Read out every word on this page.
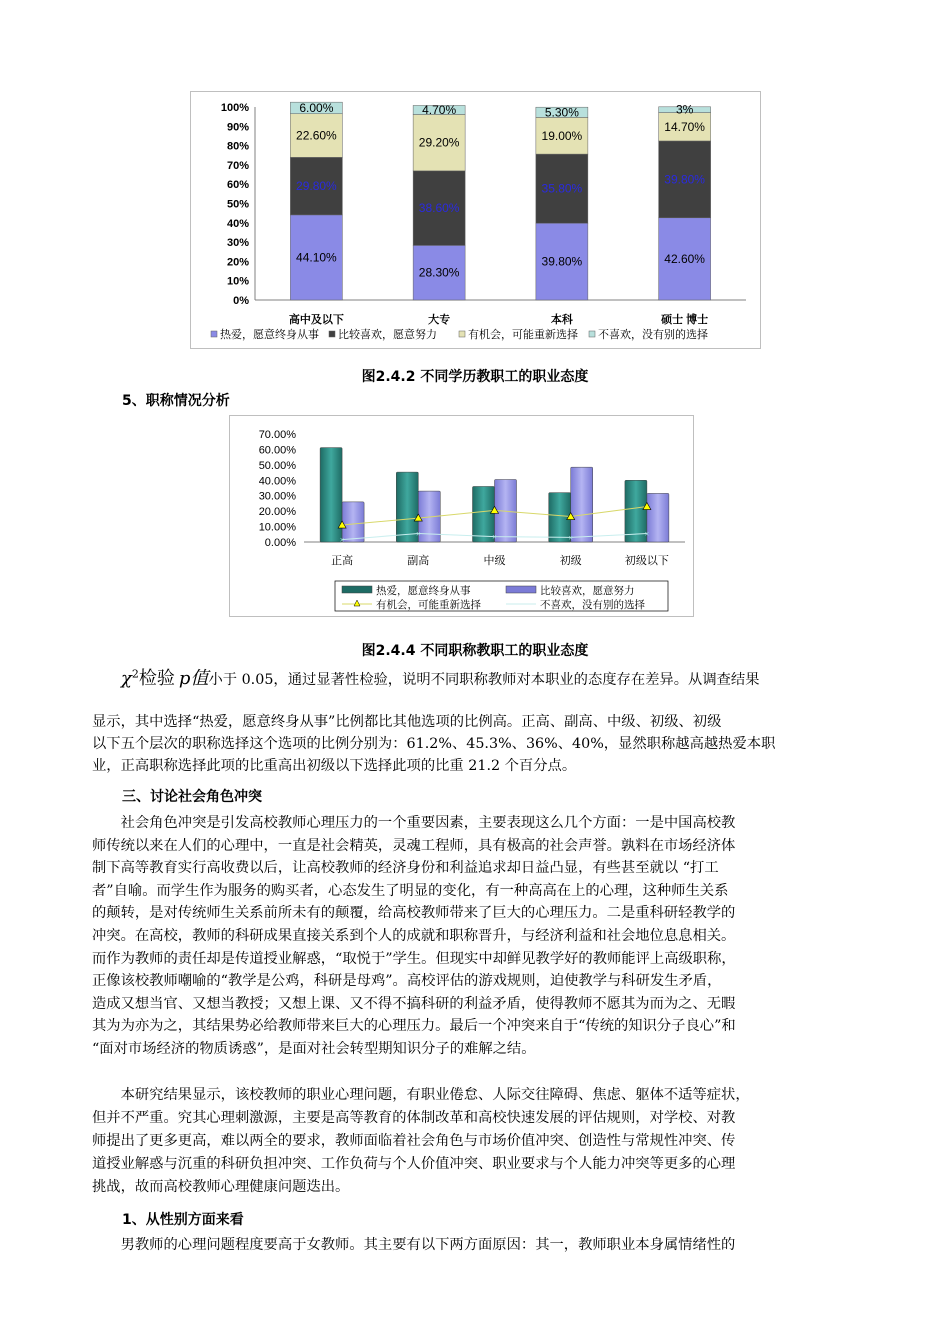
0%
10%
20%
30%
40%
50%
60%
70%
80%
90%
100%
44.10%
29.80%
22.60%
6.00%
高中及以下
28.30%
38.60%
29.20%
4.70%
大专
39.80%
35.80%
19.00%
5.30%
本科
42.60%
39.80%
14.70%
3%
硕士 博士
热爱，愿意终身从事 比较喜欢，愿意努力	有机会，可能重新选择 不喜欢，没有别的选择
图2.4.2 不同学历教职工的职业态度
5、职称情况分析
0.00%
10.00%
20.00%
30.00%
40.00%
50.00%
60.00%
70.00%
正高	副高	中级	初级	初级以下
×
×	×	×	×
热爱，愿意终身从事	比较喜欢，愿意努力
有机会，可能重新选择	不喜欢，没有别的选择
图2.4.4 不同职称教职工的职业态度
$\chi^2$检验 p值小于 0.05，通过显著性检验，说明不同职称教师对本职业的态度存在差异。从调查结果
显示，其中选择“热爱，愿意终身从事”比例都比其他选项的比例高。正高、副高、中级、初级、初级
以下五个层次的职称选择这个选项的比例分别为：61.2%、45.3%、36%、40%，显然职称越高越热爱本职
业，正高职称选择此项的比重高出初级以下选择此项的比重 21.2 个百分点。
三、讨论社会角色冲突
　　社会角色冲突是引发高校教师心理压力的一个重要因素，主要表现这么几个方面：一是中国高校教
师传统以来在人们的心理中，一直是社会精英，灵魂工程师，具有极高的社会声誉。孰料在市场经济体
制下高等教育实行高收费以后，让高校教师的经济身份和利益追求却日益凸显，有些甚至就以 “打工
者”自喻。而学生作为服务的购买者，心态发生了明显的变化，有一种高高在上的心理，这种师生关系
的颠转，是对传统师生关系前所未有的颠覆，给高校教师带来了巨大的心理压力。二是重科研轻教学的
冲突。在高校，教师的科研成果直接关系到个人的成就和职称晋升，与经济利益和社会地位息息相关。
而作为教师的责任却是传道授业解惑，“取悦于”学生。但现实中却鲜见教学好的教师能评上高级职称，
正像该校教师嘲喻的“教学是公鸡，科研是母鸡”。高校评估的游戏规则，迫使教学与科研发生矛盾，
造成又想当官、又想当教授；又想上课、又不得不搞科研的利益矛盾，使得教师不愿其为而为之、无暇
其为为亦为之，其结果势必给教师带来巨大的心理压力。最后一个冲突来自于“传统的知识分子良心”和
“面对市场经济的物质诱惑”，是面对社会转型期知识分子的难解之结。
　　本研究结果显示，该校教师的职业心理问题，有职业倦怠、人际交往障碍、焦虑、躯体不适等症状，
但并不严重。究其心理刺激源，主要是高等教育的体制改革和高校快速发展的评估规则，对学校、对教
师提出了更多更高，难以两全的要求，教师面临着社会角色与市场价值冲突、创造性与常规性冲突、传
道授业解惑与沉重的科研负担冲突、工作负荷与个人价值冲突、职业要求与个人能力冲突等更多的心理
挑战，故而高校教师心理健康问题迭出。
1、从性别方面来看
　　男教师的心理问题程度要高于女教师。其主要有以下两方面原因：其一，教师职业本身属情绪性的
